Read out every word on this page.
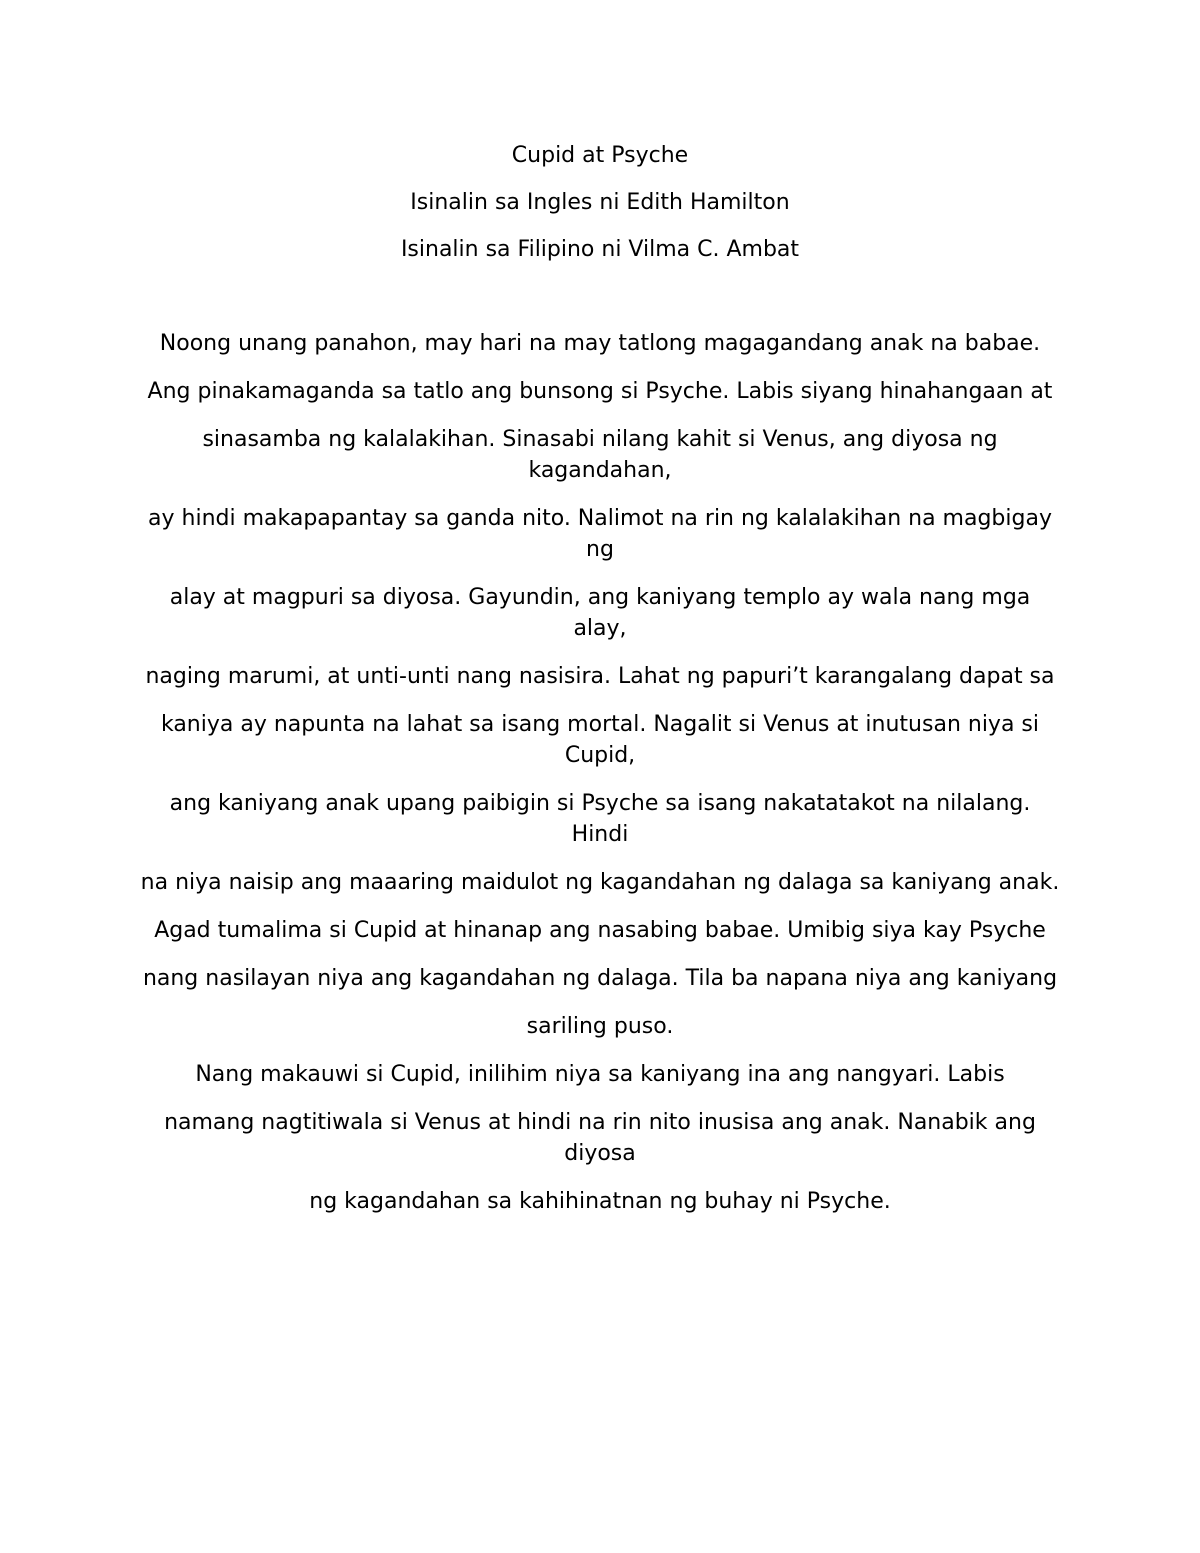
Cupid at Psyche

Isinalin sa Ingles ni Edith Hamilton

Isinalin sa Filipino ni Vilma C. Ambat

Noong unang panahon, may hari na may tatlong magagandang anak na babae.

Ang pinakamaganda sa tatlo ang bunsong si Psyche. Labis siyang hinahangaan at

sinasamba ng kalalakihan. Sinasabi nilang kahit si Venus, ang diyosa ng kagandahan,

ay hindi makapapantay sa ganda nito. Nalimot na rin ng kalalakihan na magbigay ng

alay at magpuri sa diyosa. Gayundin, ang kaniyang templo ay wala nang mga alay,

naging marumi, at unti-unti nang nasisira. Lahat ng papuri’t karangalang dapat sa

kaniya ay napunta na lahat sa isang mortal. Nagalit si Venus at inutusan niya si Cupid,

ang kaniyang anak upang paibigin si Psyche sa isang nakatatakot na nilalang. Hindi

na niya naisip ang maaaring maidulot ng kagandahan ng dalaga sa kaniyang anak.

Agad tumalima si Cupid at hinanap ang nasabing babae. Umibig siya kay Psyche

nang nasilayan niya ang kagandahan ng dalaga. Tila ba napana niya ang kaniyang

sariling puso.

Nang makauwi si Cupid, inilihim niya sa kaniyang ina ang nangyari. Labis

namang nagtitiwala si Venus at hindi na rin nito inusisa ang anak. Nanabik ang diyosa

ng kagandahan sa kahihinatnan ng buhay ni Psyche.
